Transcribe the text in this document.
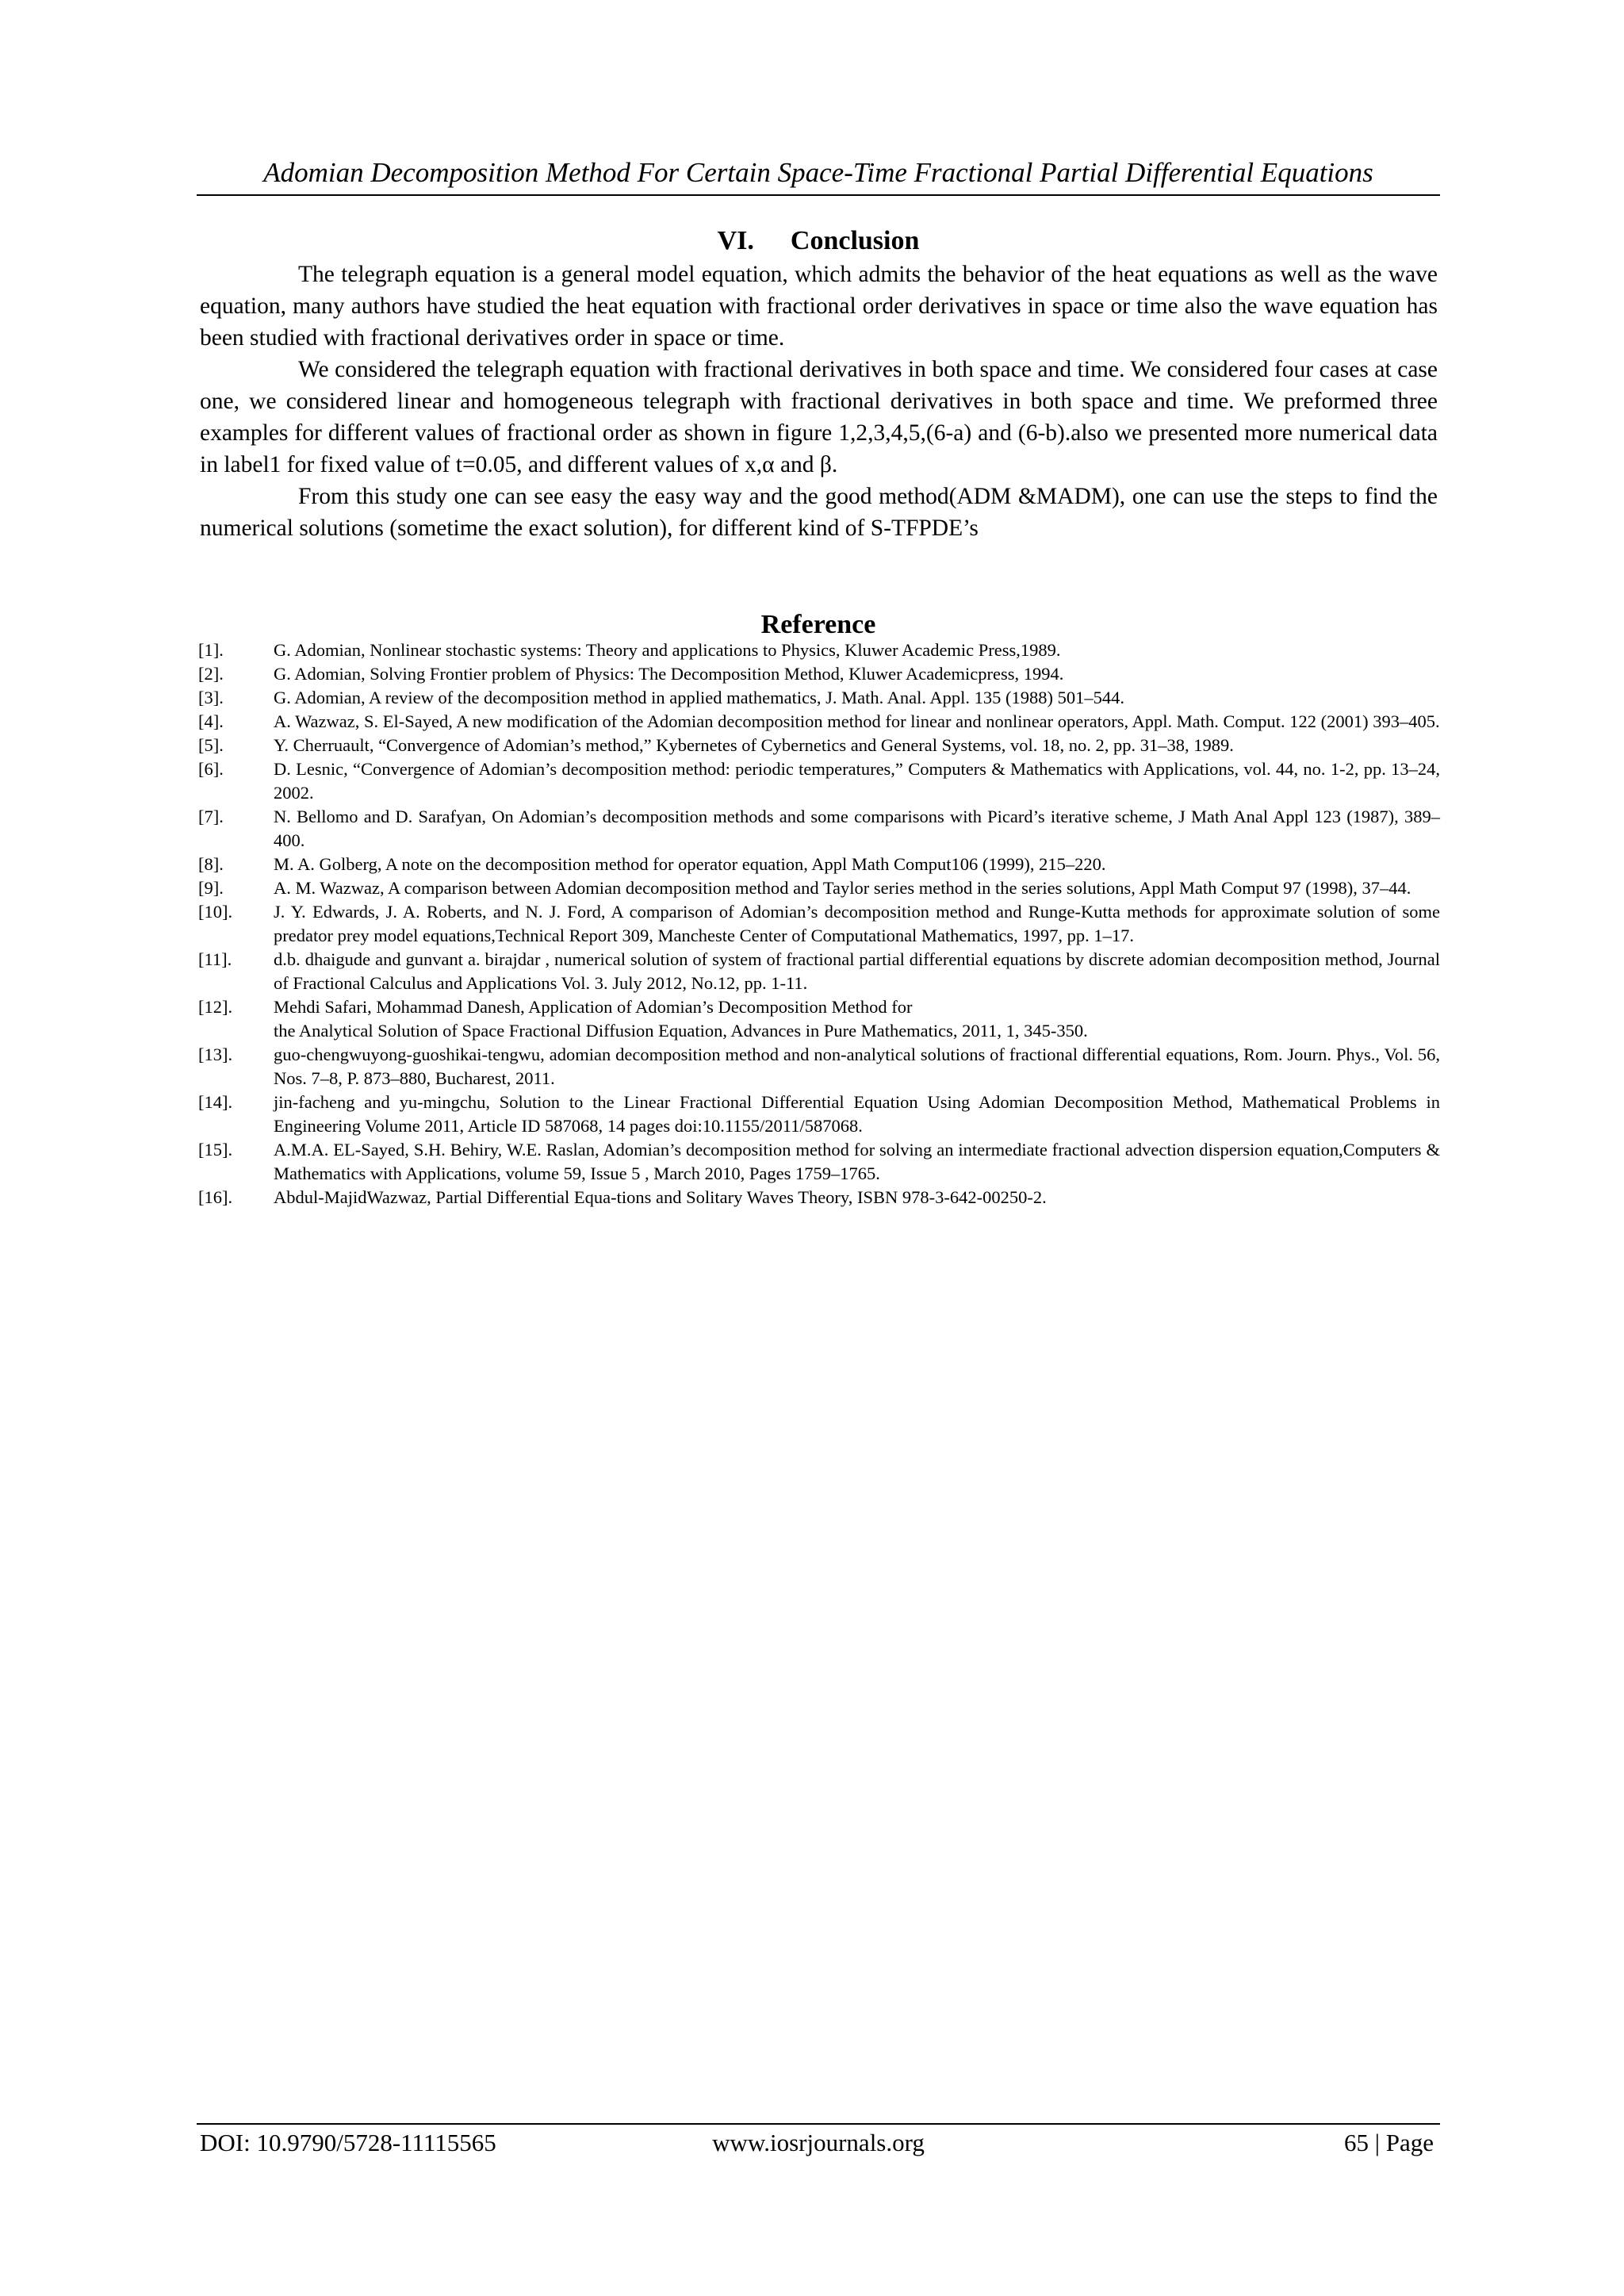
Adomian Decomposition Method For Certain Space-Time Fractional Partial Differential Equations
VI. Conclusion

The telegraph equation is a general model equation, which admits the behavior of the heat equations as well as the wave equation, many authors have studied the heat equation with fractional order derivatives in space or time also the wave equation has been studied with fractional derivatives order in space or time.

We considered the telegraph equation with fractional derivatives in both space and time. We considered four cases at case one, we considered linear and homogeneous telegraph with fractional derivatives in both space and time. We preformed three examples for different values of fractional order as shown in figure 1,2,3,4,5,(6-a) and (6-b).also we presented more numerical data in label1 for fixed value of t=0.05, and different values of x,α and β.

From this study one can see easy the easy way and the good method(ADM &MADM), one can use the steps to find the numerical solutions (sometime the exact solution), for different kind of S-TFPDE’s

Reference
[1].	G. Adomian, Nonlinear stochastic systems: Theory and applications to Physics, Kluwer Academic Press,1989.
[2].	G. Adomian, Solving Frontier problem of Physics: The Decomposition Method, Kluwer Academicpress, 1994.
[3].	G. Adomian, A review of the decomposition method in applied mathematics, J. Math. Anal. Appl. 135 (1988) 501–544.
[4].	A. Wazwaz, S. El-Sayed, A new modification of the Adomian decomposition method for linear and nonlinear operators, Appl. Math. Comput. 122 (2001) 393–405.
[5].	Y. Cherruault, “Convergence of Adomian’s method,” Kybernetes of Cybernetics and General Systems, vol. 18, no. 2, pp. 31–38, 1989.
[6].	D. Lesnic, “Convergence of Adomian’s decomposition method: periodic temperatures,” Computers & Mathematics with Applications, vol. 44, no. 1-2, pp. 13–24, 2002.
[7].	N. Bellomo and D. Sarafyan, On Adomian’s decomposition methods and some comparisons with Picard’s iterative scheme, J Math Anal Appl 123 (1987), 389–400.
[8].	M. A. Golberg, A note on the decomposition method for operator equation, Appl Math Comput106 (1999), 215–220.
[9].	A. M. Wazwaz, A comparison between Adomian decomposition method and Taylor series method in the series solutions, Appl Math Comput 97 (1998), 37–44.
[10].	J. Y. Edwards, J. A. Roberts, and N. J. Ford, A comparison of Adomian’s decomposition method and Runge-Kutta methods for approximate solution of some predator prey model equations,Technical Report 309, Mancheste Center of Computational Mathematics, 1997, pp. 1–17.
[11].	d.b. dhaigude and gunvant a. birajdar , numerical solution of system of fractional partial differential equations by discrete adomian decomposition method, Journal of Fractional Calculus and Applications Vol. 3. July 2012, No.12, pp. 1-11.
[12].	Mehdi Safari, Mohammad Danesh, Application of Adomian’s Decomposition Method for
the Analytical Solution of Space Fractional Diffusion Equation, Advances in Pure Mathematics, 2011, 1, 345-350.
[13].	guo-chengwuyong-guoshikai-tengwu, adomian decomposition method and non-analytical solutions of fractional differential equations, Rom. Journ. Phys., Vol. 56, Nos. 7–8, P. 873–880, Bucharest, 2011.
[14].	jin-facheng and yu-mingchu, Solution to the Linear Fractional Differential Equation Using Adomian Decomposition Method, Mathematical Problems in Engineering Volume 2011, Article ID 587068, 14 pages doi:10.1155/2011/587068.
[15].	A.M.A. EL-Sayed, S.H. Behiry, W.E. Raslan, Adomian’s decomposition method for solving an intermediate fractional advection dispersion equation,Computers & Mathematics with Applications, volume 59, Issue 5 , March 2010, Pages 1759–1765.
[16].	Abdul-MajidWazwaz, Partial Differential Equa-tions and Solitary Waves Theory, ISBN 978-3-642-00250-2.
DOI: 10.9790/5728-11115565	www.iosrjournals.org	65 | Page
